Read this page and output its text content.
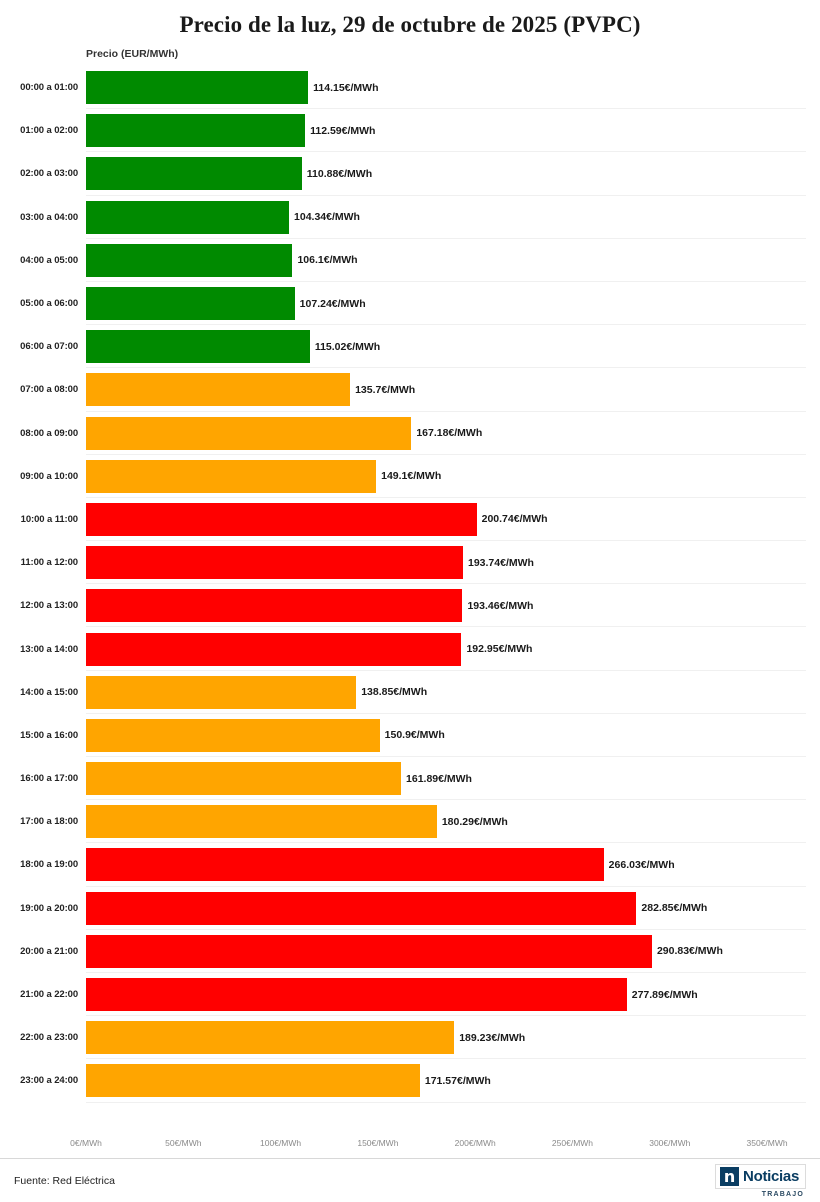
Precio de la luz, 29 de octubre de 2025 (PVPC)
Precio (EUR/MWh)
00:00 a 01:00	114.15€/MWh
01:00 a 02:00	112.59€/MWh
02:00 a 03:00	110.88€/MWh
03:00 a 04:00	104.34€/MWh
04:00 a 05:00	106.1€/MWh
05:00 a 06:00	107.24€/MWh
06:00 a 07:00	115.02€/MWh
07:00 a 08:00	135.7€/MWh
08:00 a 09:00	167.18€/MWh
09:00 a 10:00	149.1€/MWh
10:00 a 11:00	200.74€/MWh
11:00 a 12:00	193.74€/MWh
12:00 a 13:00	193.46€/MWh
13:00 a 14:00	192.95€/MWh
14:00 a 15:00	138.85€/MWh
15:00 a 16:00	150.9€/MWh
16:00 a 17:00	161.89€/MWh
17:00 a 18:00	180.29€/MWh
18:00 a 19:00	266.03€/MWh
19:00 a 20:00	282.85€/MWh
20:00 a 21:00	290.83€/MWh
21:00 a 22:00	277.89€/MWh
22:00 a 23:00	189.23€/MWh
23:00 a 24:00	171.57€/MWh
0€/MWh	50€/MWh	100€/MWh	150€/MWh	200€/MWh	250€/MWh	300€/MWh	350€/MWh
Fuente: Red Eléctrica	n Noticias
TRABAJO
